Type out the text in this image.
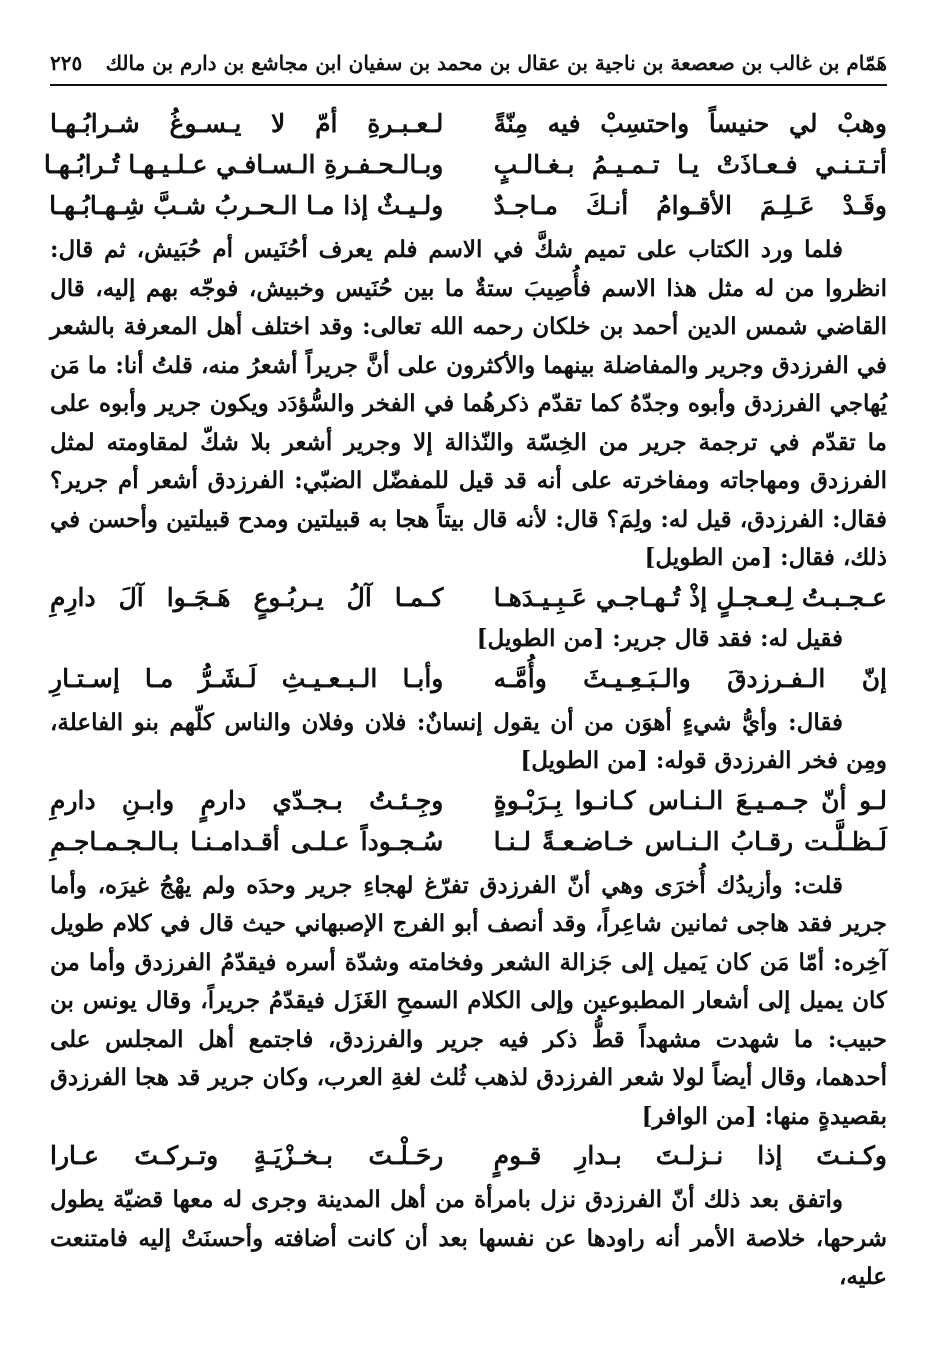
هَمّام بن غالب بن صعصعة بن ناجية بن عقال بن محمد بن سفيان ابن مجاشع بن دارم بن مالك
٢٢٥
وهبْ لي حنيساً واحتسِبْ فيه مِنّةً
لـعـبـرةِ أمّ لا يـسـوغُ شـرابُـهـا
أتـتـنـي فـعـاذَتْ يـا تـمـيـمُ بـغـالـبٍ
وبـالـحـفـرةِ الـسـافـي عـلـيـهـا تُـرابُـهـا
وقَـدْ عَـلِـمَ الأقـوامُ أنـكَ مـاجـدٌ
ولـيـثٌ إذا مـا الـحـربُ شـبَّ شِـهـابُـهـا

فلما ورد الكتاب على تميم شكَّ في الاسم فلم يعرف أحُنَيس أم حُبَيش، ثم قال: انظروا من له مثل هذا الاسم فأُصِيبَ ستةٌ ما بين حُنَيس وخبيش، فوجّه بهم إليه، قال القاضي شمس الدين أحمد بن خلكان رحمه الله تعالى: وقد اختلف أهل المعرفة بالشعر في الفرزدق وجرير والمفاضلة بينهما والأكثرون على أنَّ جريراً أشعرُ منه، قلتُ أنا: ما مَن يُهاجي الفرزدق وأبوه وجدّهُ كما تقدّم ذكرهُما في الفخر والسُّؤدَد ويكون جرير وأبوه على ما تقدّم في ترجمة جرير من الخِسّة والنّذالة إلا وجرير أشعر بلا شكّ لمقاومته لمثل الفرزدق ومهاجاته ومفاخرته على أنه قد قيل للمفضّل الضبّي: الفرزدق أشعر أم جرير؟ فقال: الفرزدق، قيل له: ولِمَ؟ قال: لأنه قال بيتاً هجا به قبيلتين ومدح قبيلتين وأحسن في ذلك، فقال: [من الطويل]

عـجـبـتُ لِـعـجـلٍ إذْ تُـهـاجـي عَـبِـيـدَهـا
كـمـا آلُ يـربُـوعٍ هَـجَـوا آلَ دارِمِ
فقيل له: فقد قال جرير: [من الطويل]
إنّ الـفـرزدقَ والـبَـعِـيـثَ وأُمَّـه
وأبـا الـبـعـيـثِ لَـشَـرُّ مـا إسـتـارِ

فقال: وأيُّ شيءٍ أهوَن من أن يقول إنسانٌ: فلان وفلان والناس كلّهم بنو الفاعلة، ومِن فخر الفرزدق قوله: [من الطويل]

لـو أنّ جـمـيـعَ الـنـاس كـانـوا بِـرَبْـوةٍ
وجِـئـتُ بـجـدّي دارمٍ وابـنِ دارمِ
لَـظـلَّـت رقـابُ الـنـاس خـاضـعـةً لـنـا
سُـجـوداً عـلـى أقـدامـنـا بـالـجـمـاجـمِ

قلت: وأزيدُك أُخرَى وهي أنّ الفرزدق تفرّغ لهجاءِ جرير وحدَه ولم يهْجُ غيرَه، وأما جرير فقد هاجى ثمانين شاعِراً، وقد أنصف أبو الفرج الإصبهاني حيث قال في كلام طويل آخِره: أمّا مَن كان يَميل إلى جَزالة الشعر وفخامته وشدّة أسره فيقدّمُ الفرزدق وأما من كان يميل إلى أشعار المطبوعين وإلى الكلام السمحِ الغَزَل فيقدّمُ جريراً، وقال يونس بن حبيب: ما شهدت مشهداً قطُّ ذكر فيه جرير والفرزدق، فاجتمع أهل المجلس على أحدهما، وقال أيضاً لولا شعر الفرزدق لذهب ثُلث لغةِ العرب، وكان جرير قد هجا الفرزدق بقصيدةٍ منها: [من الوافر]

وكـنـتَ إذا نـزلـتَ بـدارِ قـومٍ
رحَـلْـتَ بـخـزْيَـةٍ وتـركـتَ عـارا

واتفق بعد ذلك أنّ الفرزدق نزل بامرأة من أهل المدينة وجرى له معها قضيّة يطول شرحها، خلاصة الأمر أنه راودها عن نفسها بعد أن كانت أضافته وأحسنَتْ إليه فامتنعت عليه،
